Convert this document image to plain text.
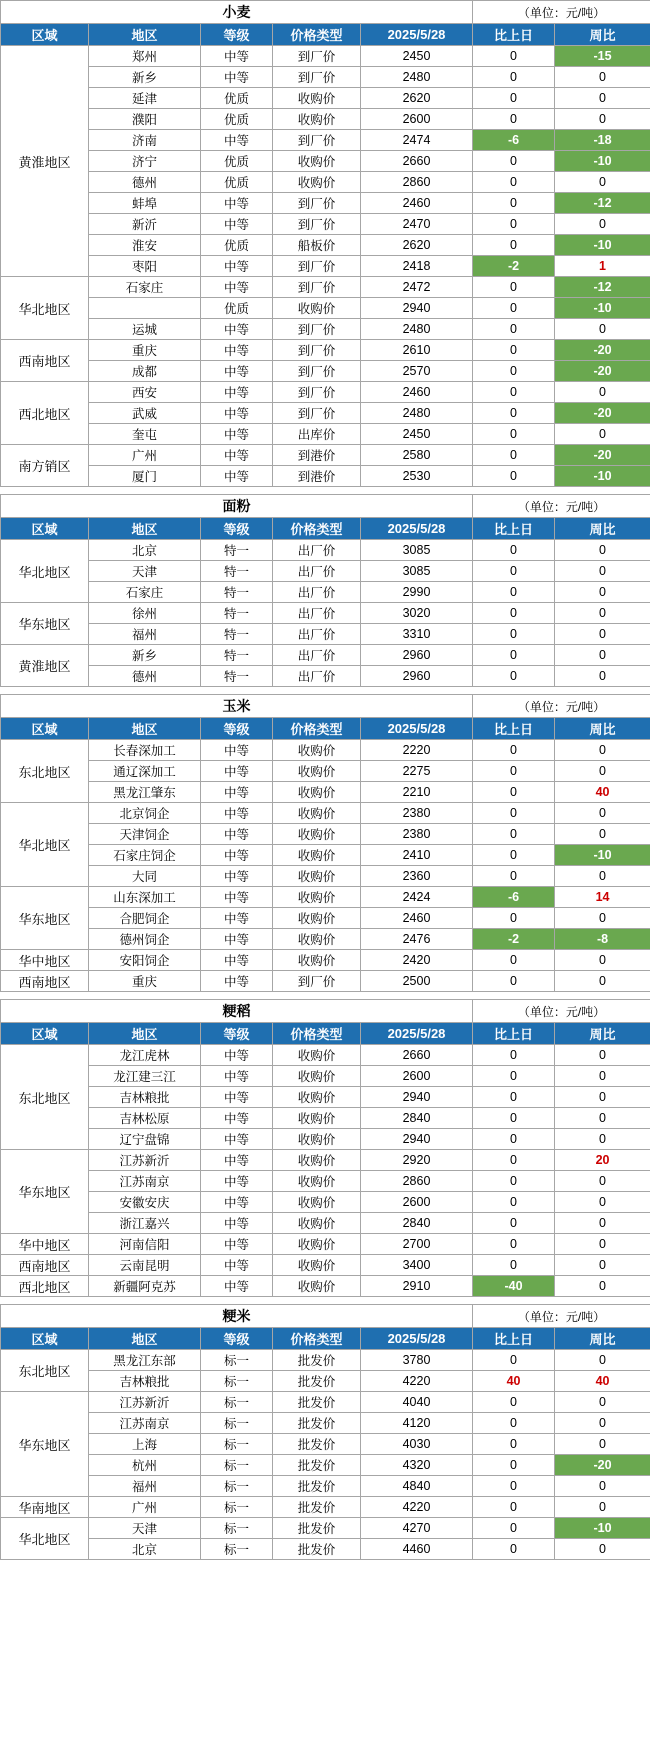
小麦					（单位：元/吨）	
区域	地区	等级	价格类型	2025/5/28	比上日	周比
黄淮地区	郑州	中等	到厂价	2450	0	-15
	新乡	中等	到厂价	2480	0	0
	延津	优质	收购价	2620	0	0
	濮阳	优质	收购价	2600	0	0
	济南	中等	到厂价	2474	-6	-18
	济宁	优质	收购价	2660	0	-10
	德州	优质	收购价	2860	0	0
	蚌埠	中等	到厂价	2460	0	-12
	新沂	中等	到厂价	2470	0	0
	淮安	优质	船板价	2620	0	-10
	枣阳	中等	到厂价	2418	-2	1
华北地区	石家庄	中等	到厂价	2472	0	-12
		优质	收购价	2940	0	-10
	运城	中等	到厂价	2480	0	0
西南地区	重庆	中等	到厂价	2610	0	-20
	成都	中等	到厂价	2570	0	-20
西北地区	西安	中等	到厂价	2460	0	0
	武威	中等	到厂价	2480	0	-20
	奎屯	中等	出库价	2450	0	0
南方销区	广州	中等	到港价	2580	0	-20
	厦门	中等	到港价	2530	0	-10
面粉					（单位：元/吨）	
区域	地区	等级	价格类型	2025/5/28	比上日	周比
华北地区	北京	特一	出厂价	3085	0	0
	天津	特一	出厂价	3085	0	0
	石家庄	特一	出厂价	2990	0	0
华东地区	徐州	特一	出厂价	3020	0	0
	福州	特一	出厂价	3310	0	0
黄淮地区	新乡	特一	出厂价	2960	0	0
	德州	特一	出厂价	2960	0	0
玉米					（单位：元/吨）	
区域	地区	等级	价格类型	2025/5/28	比上日	周比
东北地区	长春深加工	中等	收购价	2220	0	0
	通辽深加工	中等	收购价	2275	0	0
	黑龙江肇东	中等	收购价	2210	0	40
华北地区	北京饲企	中等	收购价	2380	0	0
	天津饲企	中等	收购价	2380	0	0
	石家庄饲企	中等	收购价	2410	0	-10
	大同	中等	收购价	2360	0	0
华东地区	山东深加工	中等	收购价	2424	-6	14
	合肥饲企	中等	收购价	2460	0	0
	德州饲企	中等	收购价	2476	-2	-8
华中地区	安阳饲企	中等	收购价	2420	0	0
西南地区	重庆	中等	到厂价	2500	0	0
粳稻					（单位：元/吨）	
区域	地区	等级	价格类型	2025/5/28	比上日	周比
东北地区	龙江虎林	中等	收购价	2660	0	0
	龙江建三江	中等	收购价	2600	0	0
	吉林粮批	中等	收购价	2940	0	0
	吉林松原	中等	收购价	2840	0	0
	辽宁盘锦	中等	收购价	2940	0	0
华东地区	江苏新沂	中等	收购价	2920	0	20
	江苏南京	中等	收购价	2860	0	0
	安徽安庆	中等	收购价	2600	0	0
	浙江嘉兴	中等	收购价	2840	0	0
华中地区	河南信阳	中等	收购价	2700	0	0
西南地区	云南昆明	中等	收购价	3400	0	0
西北地区	新疆阿克苏	中等	收购价	2910	-40	0
粳米					（单位：元/吨）	
区域	地区	等级	价格类型	2025/5/28	比上日	周比
东北地区	黑龙江东部	标一	批发价	3780	0	0
	吉林粮批	标一	批发价	4220	40	40
华东地区	江苏新沂	标一	批发价	4040	0	0
	江苏南京	标一	批发价	4120	0	0
	上海	标一	批发价	4030	0	0
	杭州	标一	批发价	4320	0	-20
	福州	标一	批发价	4840	0	0
华南地区	广州	标一	批发价	4220	0	0
华北地区	天津	标一	批发价	4270	0	-10
	北京	标一	批发价	4460	0	0
